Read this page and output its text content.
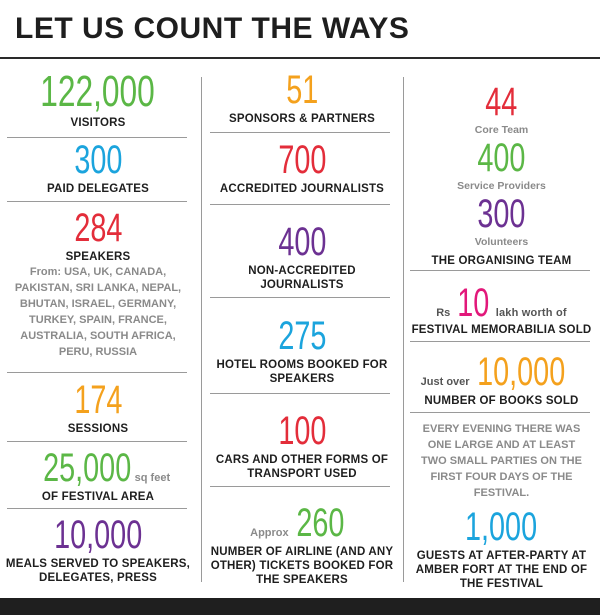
LET US COUNT THE WAYS
122,000
VISITORS
300
PAID DELEGATES
284
SPEAKERS
From: USA, UK, CANADA,
PAKISTAN, SRI LANKA, NEPAL,
BHUTAN, ISRAEL, GERMANY,
TURKEY, SPAIN, FRANCE,
AUSTRALIA, SOUTH AFRICA,
PERU, RUSSIA
174
SESSIONS
25,000 sq feet
OF FESTIVAL AREA
10,000
MEALS SERVED TO SPEAKERS,
DELEGATES, PRESS
51
SPONSORS & PARTNERS
700
ACCREDITED JOURNALISTS
400
NON-ACCREDITED
JOURNALISTS
275
HOTEL ROOMS BOOKED FOR
SPEAKERS
100
CARS AND OTHER FORMS OF
TRANSPORT USED
Approx 260
NUMBER OF AIRLINE (AND ANY
OTHER) TICKETS BOOKED FOR
THE SPEAKERS
44
Core Team
400
Service Providers
300
Volunteers
THE ORGANISING TEAM
Rs 10 lakh worth of
FESTIVAL MEMORABILIA SOLD
Just over 10,000
NUMBER OF BOOKS SOLD
EVERY EVENING THERE WAS
ONE LARGE AND AT LEAST
TWO SMALL PARTIES ON THE
FIRST FOUR DAYS OF THE
FESTIVAL.
1,000
GUESTS AT AFTER-PARTY AT
AMBER FORT AT THE END OF
THE FESTIVAL
